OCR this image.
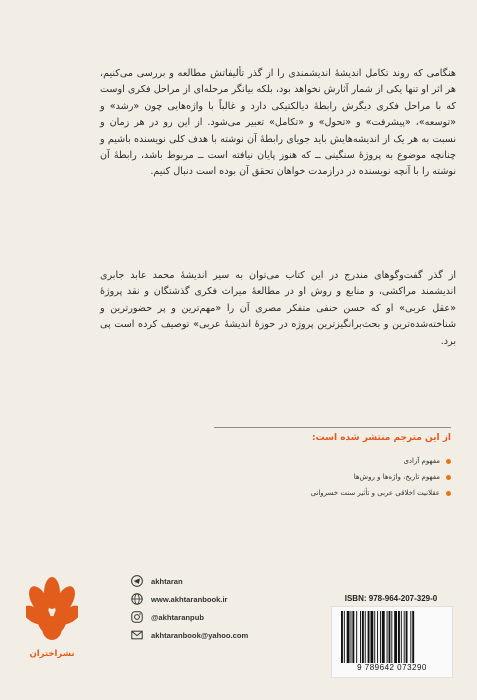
هنگامی که روند تکامل اندیشهٔ اندیشمندی را از گذر تألیفاتش مطالعه و بررسی می‌کنیم، هر اثر او تنها یکی از شمار آثارش نخواهد بود، بلکه بیانگر مرحله‌ای از مراحل فکری اوست که با مراحل فکری دیگرش رابطهٔ دیالکتیکی دارد و غالباً با واژه‌هایی چون «رشد» و «توسعه»، «پیشرفت» و «تحول» و «تکامل» تعبیر می‌شود. از این رو در هر زمان و نسبت به هر یک از اندیشه‌هایش باید جویای رابطهٔ آن نوشته با هدف کلی نویسنده باشیم و چنانچه موضوع به پروژهٔ سنگینی ــ که هنوز پایان نیافته است ــ مربوط باشد، رابطهٔ آن نوشته را با آنچه نویسنده در درازمدت خواهان تحقق آن بوده است دنبال کنیم.

از گذر گفت‌وگوهای مندرج در این کتاب می‌توان به سیر اندیشهٔ محمد عابد جابری اندیشمند مراکشی، و منابع و روش او در مطالعهٔ میراث فکری گذشتگان و نقد پروژهٔ «عقل عربی» او که حسن حنفی متفکر مصری آن را «مهم‌ترین و پر حضورترین و شناخته‌شده‌ترین و بحث‌برانگیزترین پروژه در حوزهٔ اندیشهٔ عربی» توصیف کرده است پی برد.

از این مترجم منتشر شده است:

مفهوم آزادی
مفهوم تاریخ، واژه‌ها و روش‌ها
عقلانیت اخلاقی عربی و تأثیر سنت خسروانی
نشراختران
akhtaran
www.akhtaranbook.ir
@akhtaranpub
akhtaranbook@yahoo.com
ISBN: 978-964-207-329-0
9 789642 073290
